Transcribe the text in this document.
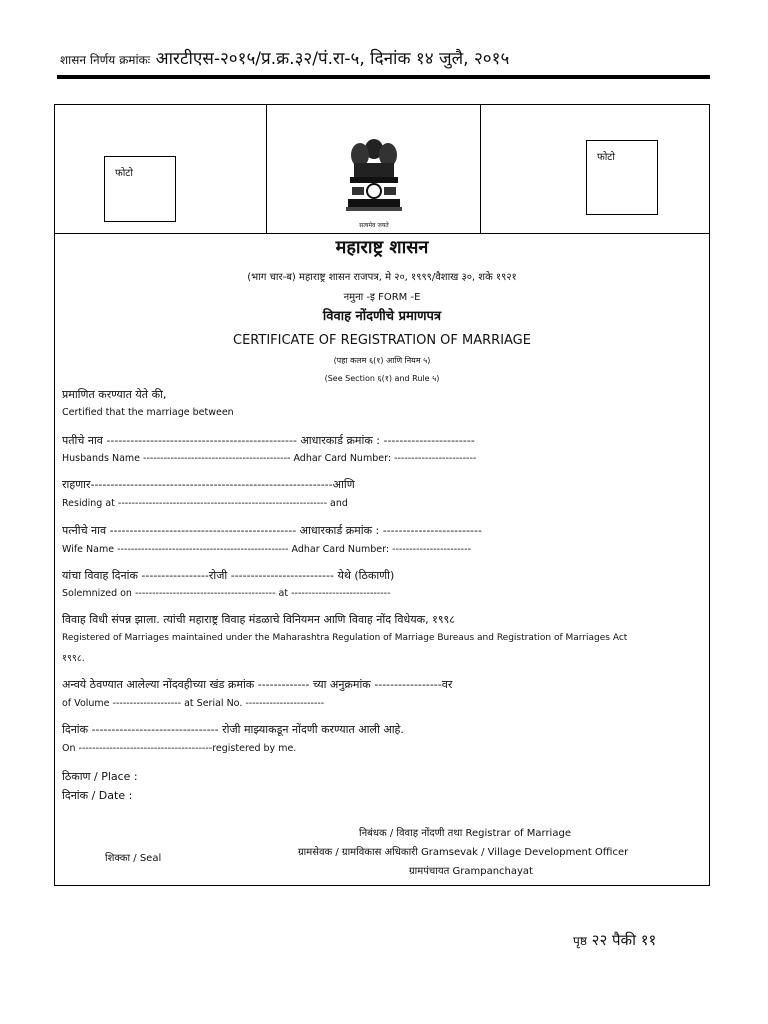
शासन निर्णय क्रमांकः आरटीएस-२०१५/प्र.क्र.३२/पं.रा-५, दिनांक १४ जुलै, २०१५
फोटो
सत्यमेव जयते
फोटो
महाराष्ट्र शासन
(भाग चार-ब) महाराष्ट्र शासन राजपत्र, मे २०, १९९९/वैशाख ३०, शके १९२१
नमुना -इ FORM -E
विवाह नोंदणीचे प्रमाणपत्र
CERTIFICATE OF REGISTRATION OF MARRIAGE
(पहा कलम ६(१) आणि नियम ५)
(See Section ६(१) and Rule ५)
प्रमाणित करण्यात येते की,
Certified that the marriage between
पतीचे नाव ------------------------------------------------ आधारकार्ड क्रमांक : -----------------------
Husbands Name ------------------------------------------- Adhar Card Number: ------------------------
राहणार-------------------------------------------------------------आणि
Residing at ------------------------------------------------------------- and
पत्नीचे नाव ----------------------------------------------- आधारकार्ड क्रमांक : -------------------------
Wife Name -------------------------------------------------- Adhar Card Number: -----------------------
यांचा विवाह दिनांक -----------------रोजी -------------------------- येथे (ठिकाणी)
Solemnized on ----------------------------------------- at -----------------------------
विवाह विधी संपन्न झाला. त्यांची महाराष्ट्र विवाह मंडळाचे विनियमन आणि विवाह नोंद विधेयक, १९९८
Registered of Marriages maintained under the Maharashtra Regulation of Marriage Bureaus and Registration of Marriages Act
१९९८.
अन्वये ठेवण्यात आलेल्या नोंदवहीच्या खंड क्रमांक ------------- च्या अनुक्रमांक -----------------वर
of Volume -------------------- at Serial No. -----------------------
दिनांक -------------------------------- रोजी माझ्याकडून नोंदणी करण्यात आली आहे.
On ---------------------------------------registered by me.
ठिकाण / Place :
दिनांक / Date :
निबंधक / विवाह नोंदणी तथा Registrar of Marriage
ग्रामसेवक / ग्रामविकास अधिकारी Gramsevak / Village Development Officer
ग्रामपंचायत Grampanchayat
शिक्का / Seal
पृष्ठ २२ पैकी ११
